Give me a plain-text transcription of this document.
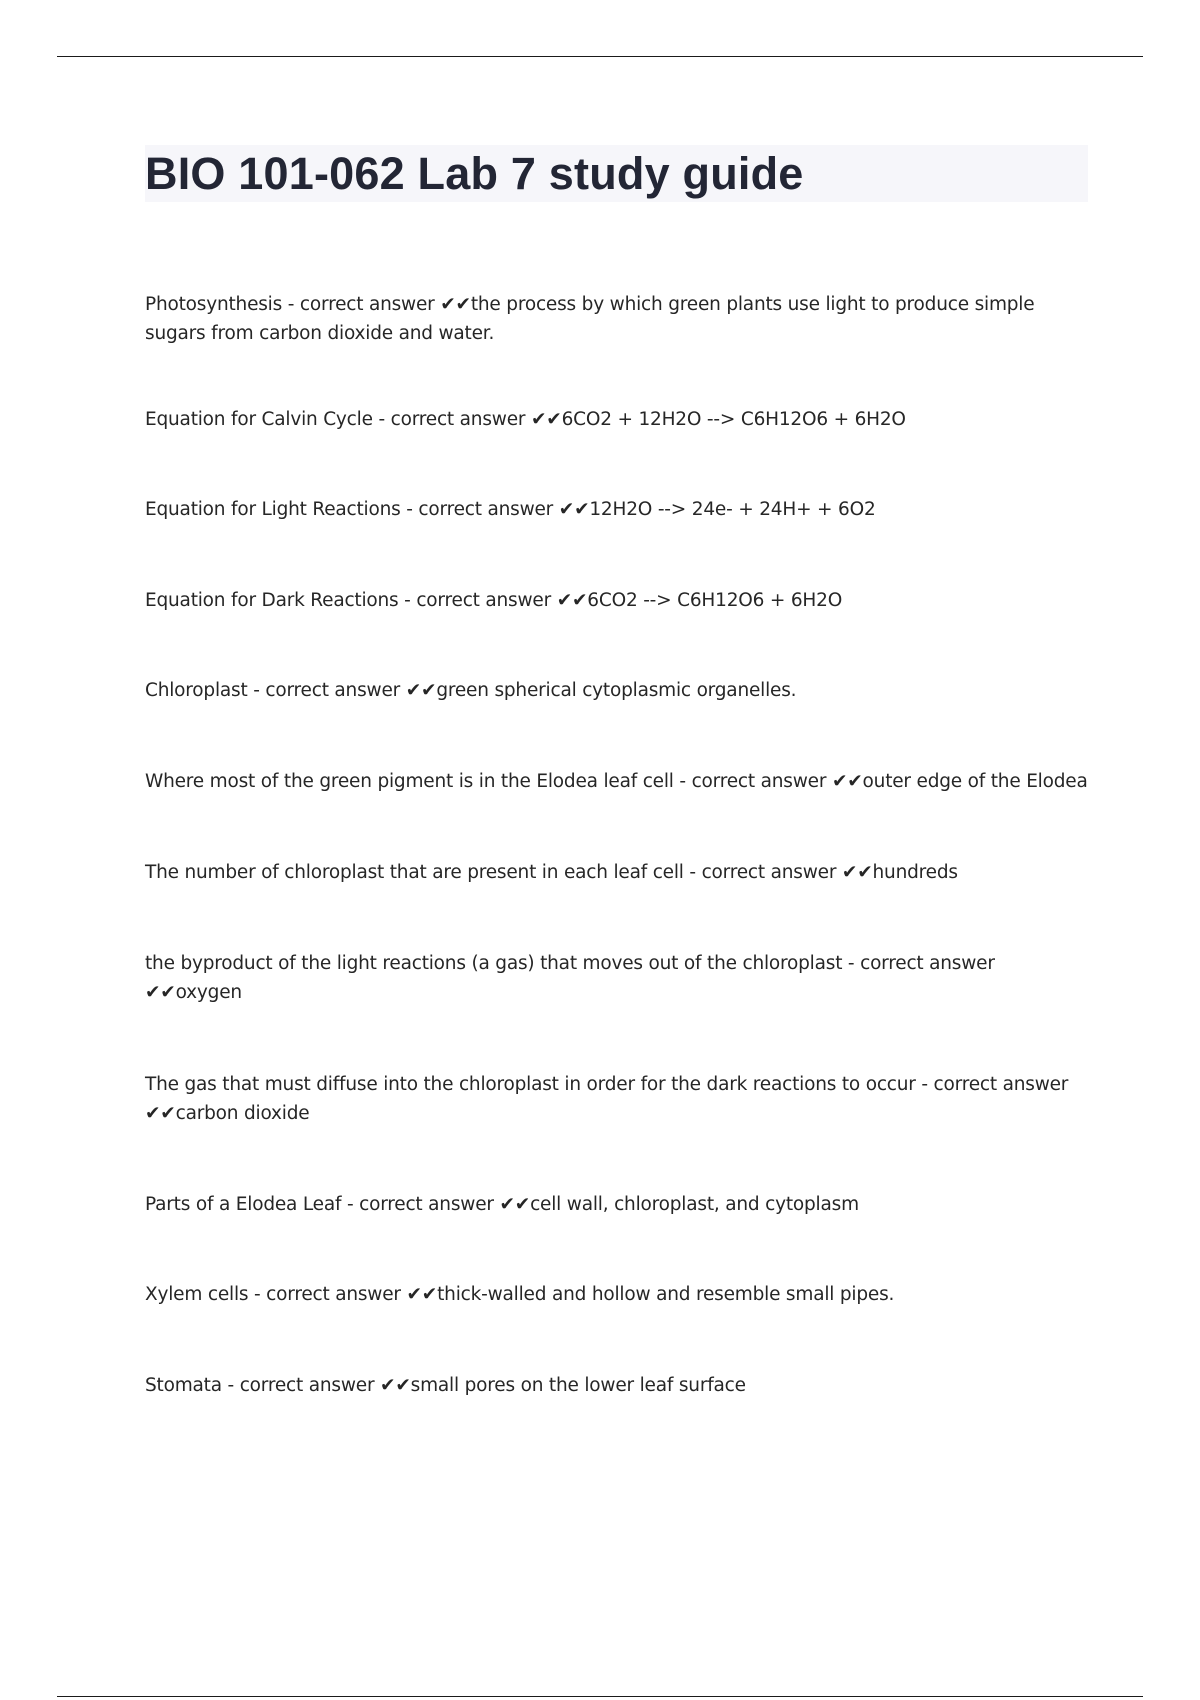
BIO 101-062 Lab 7 study guide
Photosynthesis - correct answer ✔✔the process by which green plants use light to produce simple sugars from carbon dioxide and water.
Equation for Calvin Cycle - correct answer ✔✔6CO2 + 12H2O --> C6H12O6 + 6H2O
Equation for Light Reactions - correct answer ✔✔12H2O --> 24e- + 24H+ + 6O2
Equation for Dark Reactions - correct answer ✔✔6CO2 --> C6H12O6 + 6H2O
Chloroplast - correct answer ✔✔green spherical cytoplasmic organelles.
Where most of the green pigment is in the Elodea leaf cell - correct answer ✔✔outer edge of the Elodea
The number of chloroplast that are present in each leaf cell - correct answer ✔✔hundreds
the byproduct of the light reactions (a gas) that moves out of the chloroplast - correct answer ✔✔oxygen
The gas that must diffuse into the chloroplast in order for the dark reactions to occur - correct answer ✔✔carbon dioxide
Parts of a Elodea Leaf - correct answer ✔✔cell wall, chloroplast, and cytoplasm
Xylem cells - correct answer ✔✔thick-walled and hollow and resemble small pipes.
Stomata - correct answer ✔✔small pores on the lower leaf surface
